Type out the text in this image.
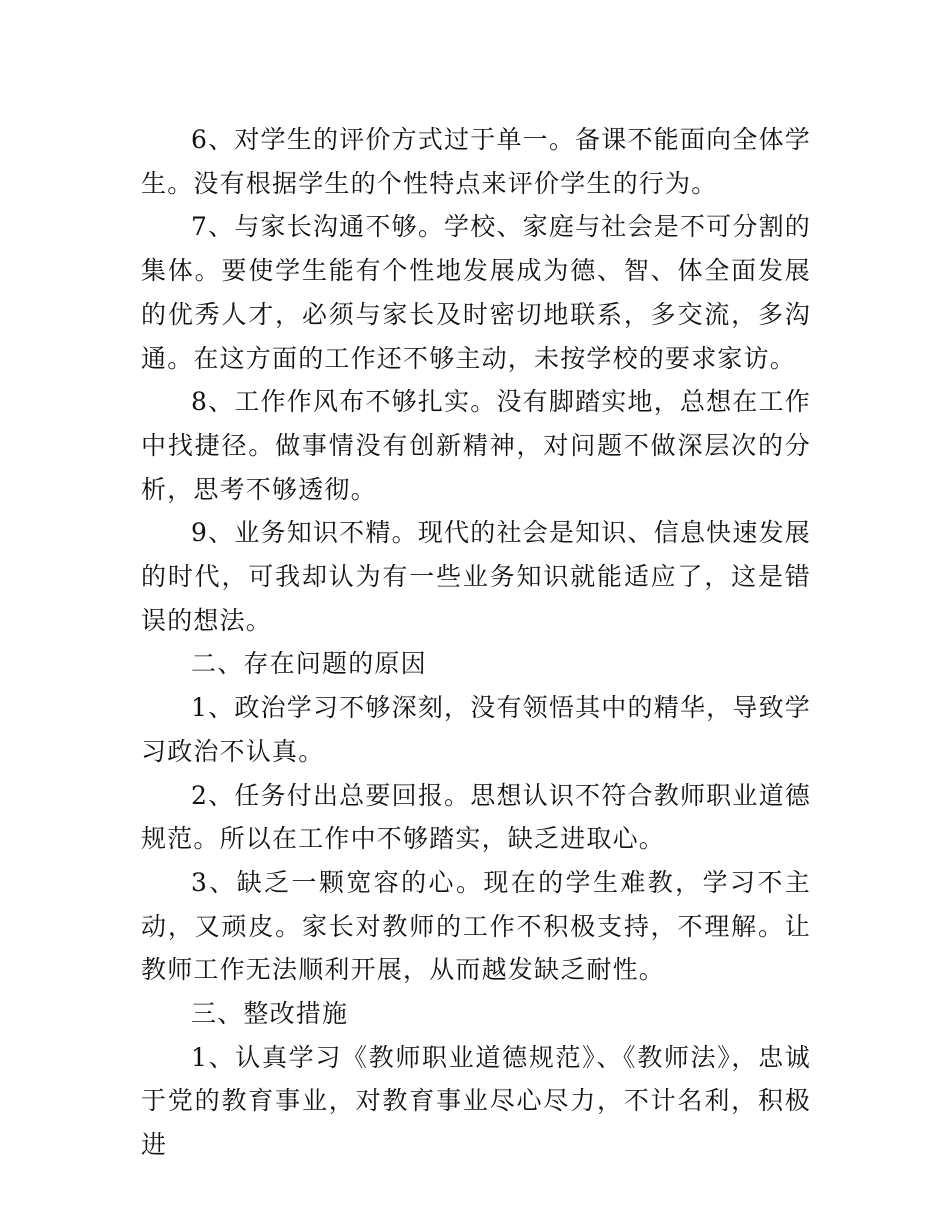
6、对学生的评价方式过于单一。备课不能面向全体学生。没有根据学生的个性特点来评价学生的行为。

7、与家长沟通不够。学校、家庭与社会是不可分割的集体。要使学生能有个性地发展成为德、智、体全面发展的优秀人才，必须与家长及时密切地联系，多交流，多沟通。在这方面的工作还不够主动，未按学校的要求家访。

8、工作作风布不够扎实。没有脚踏实地，总想在工作中找捷径。做事情没有创新精神，对问题不做深层次的分析，思考不够透彻。

9、业务知识不精。现代的社会是知识、信息快速发展的时代，可我却认为有一些业务知识就能适应了，这是错误的想法。

二、存在问题的原因

1、政治学习不够深刻，没有领悟其中的精华，导致学习政治不认真。

2、任务付出总要回报。思想认识不符合教师职业道德规范。所以在工作中不够踏实，缺乏进取心。

3、缺乏一颗宽容的心。现在的学生难教，学习不主动，又顽皮。家长对教师的工作不积极支持，不理解。让教师工作无法顺利开展，从而越发缺乏耐性。

三、整改措施

1、认真学习《教师职业道德规范》、《教师法》，忠诚于党的教育事业，对教育事业尽心尽力，不计名利，积极进
